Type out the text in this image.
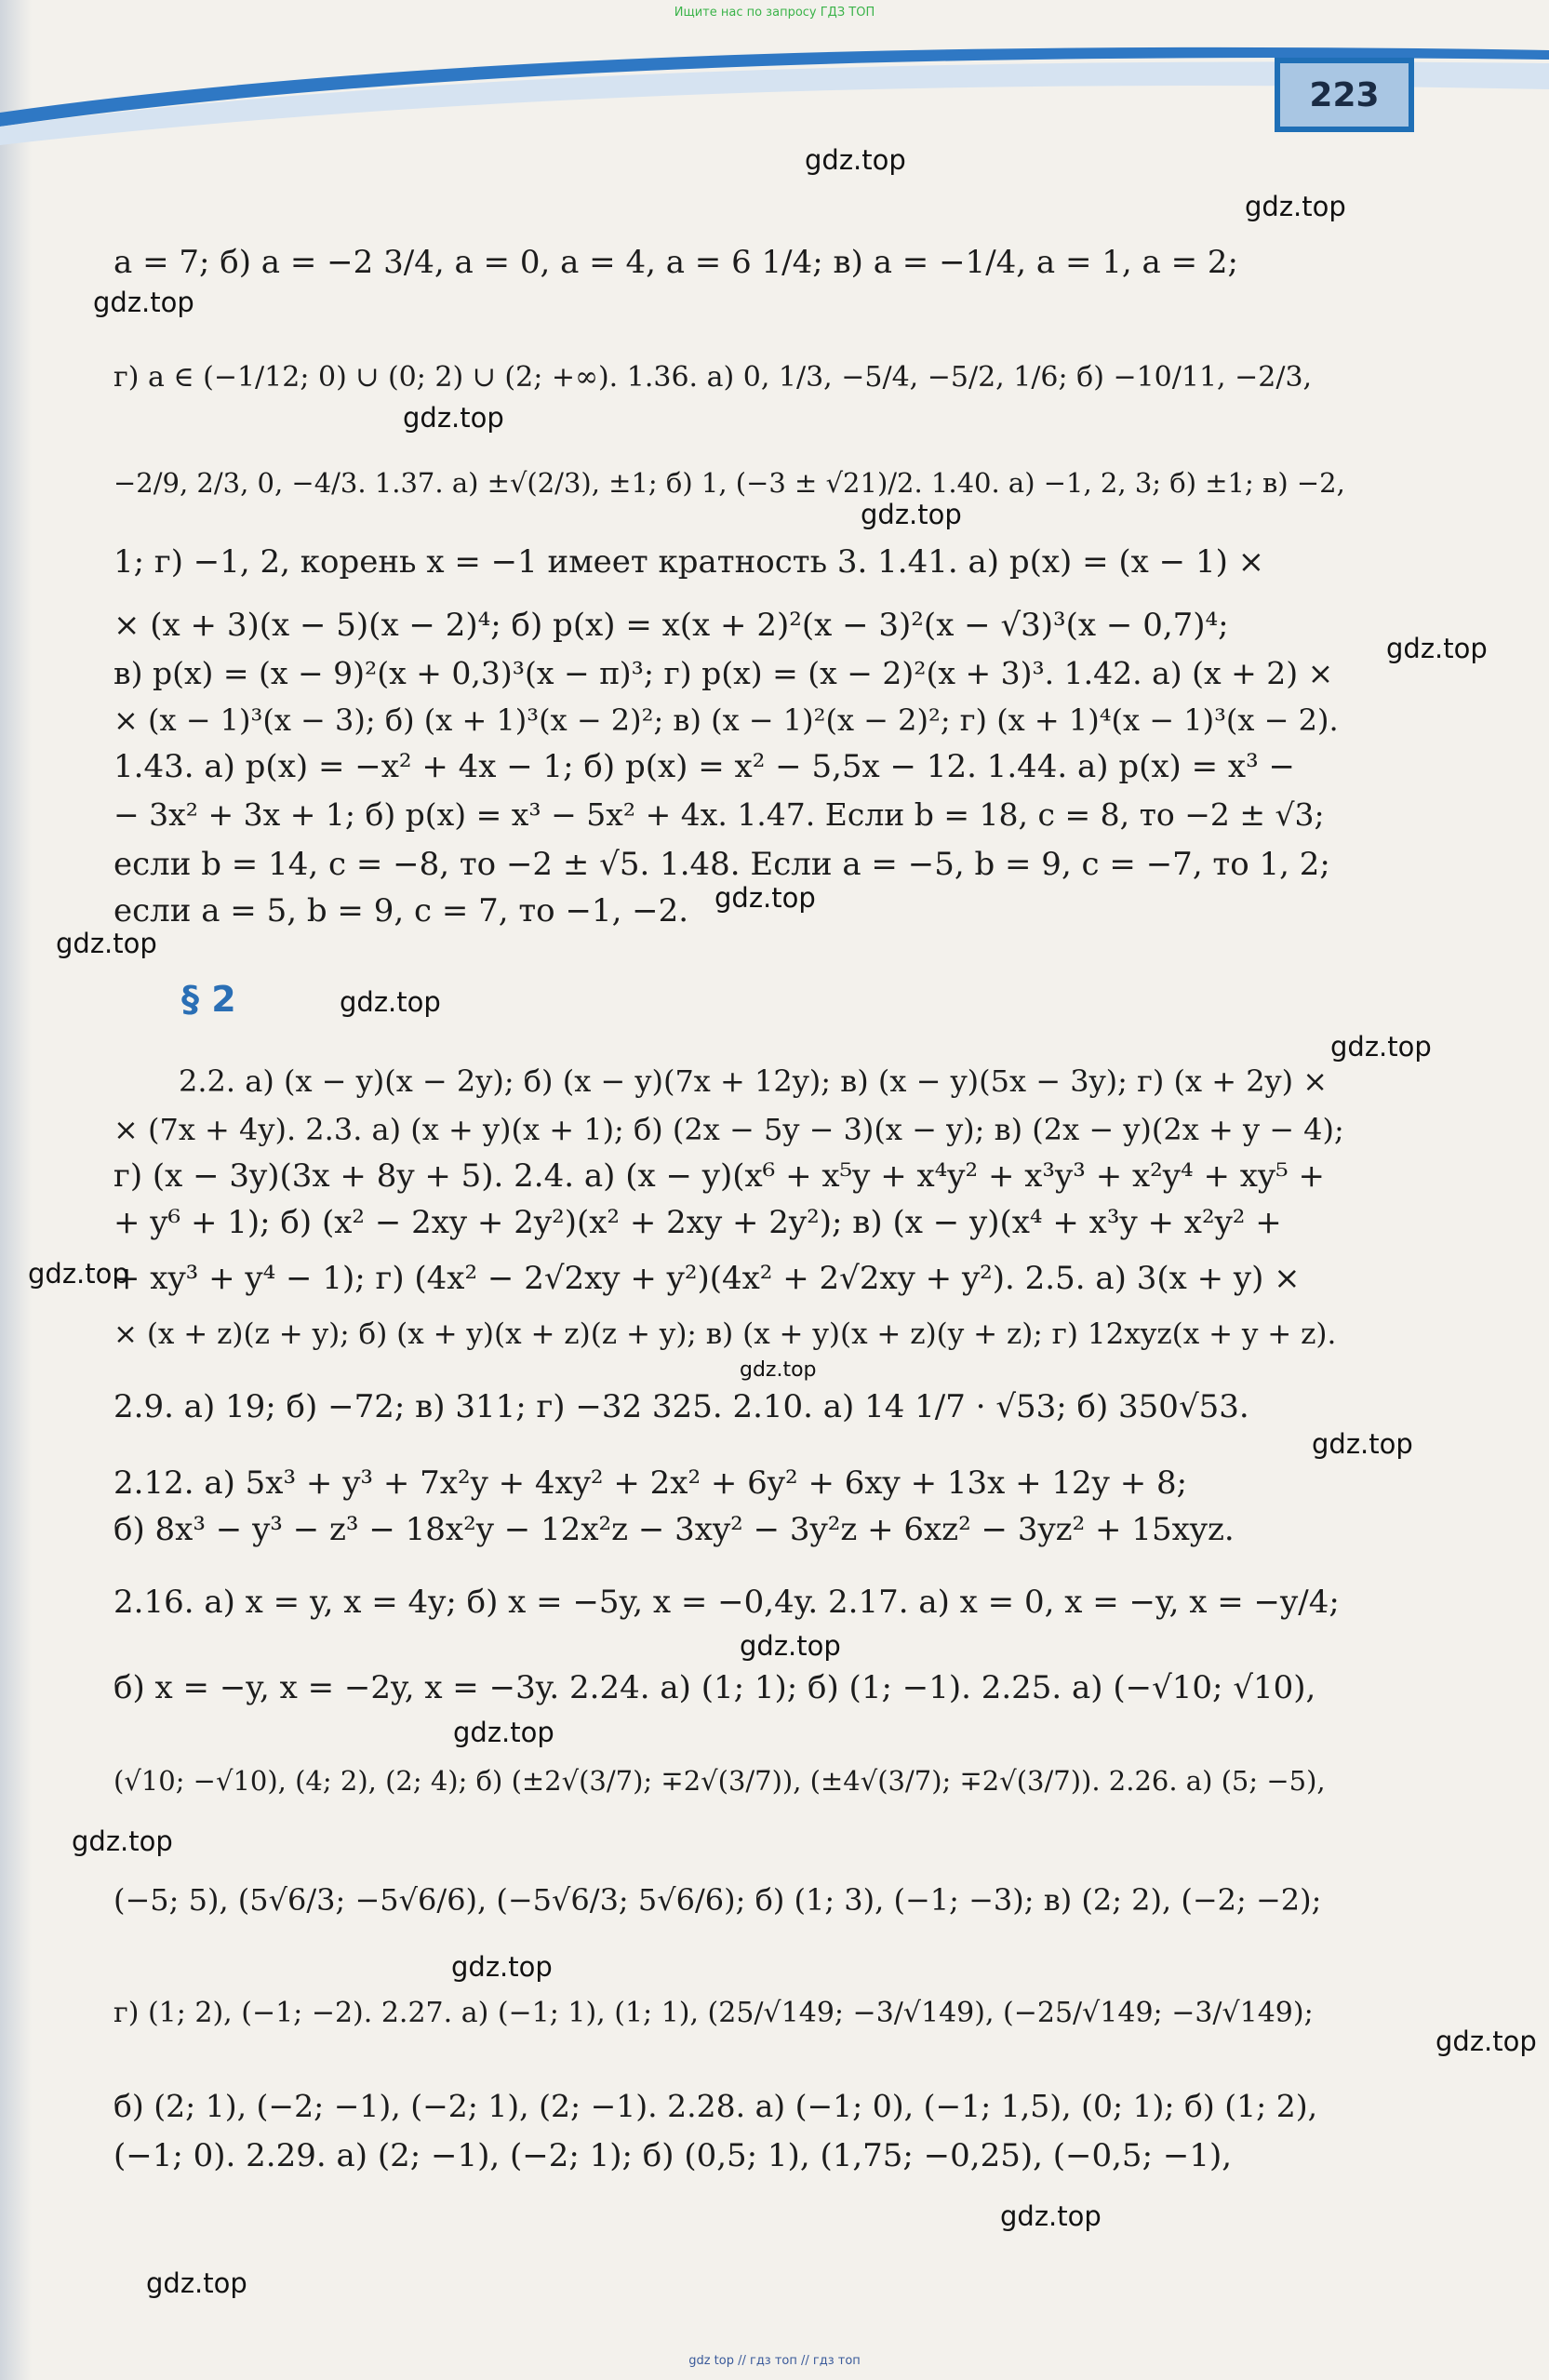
Ищите нас по запросу ГДЗ ТОП
223
a = 7; б) a = −2 3/4, a = 0, a = 4, a = 6 1/4; в) a = −1/4, a = 1, a = 2;
г) a ∈ (−1/12; 0) ∪ (0; 2) ∪ (2; +∞). 1.36. а) 0, 1/3, −5/4, −5/2, 1/6; б) −10/11, −2/3,
−2/9, 2/3, 0, −4/3. 1.37. а) ±√(2/3), ±1; б) 1, (−3 ± √21)/2. 1.40. а) −1, 2, 3; б) ±1; в) −2,
1; г) −1, 2, корень x = −1 имеет кратность 3. 1.41. а) p(x) = (x − 1) ×
× (x + 3)(x − 5)(x − 2)⁴; б) p(x) = x(x + 2)²(x − 3)²(x − √3)³(x − 0,7)⁴;
в) p(x) = (x − 9)²(x + 0,3)³(x − π)³; г) p(x) = (x − 2)²(x + 3)³. 1.42. а) (x + 2) ×
× (x − 1)³(x − 3); б) (x + 1)³(x − 2)²; в) (x − 1)²(x − 2)²; г) (x + 1)⁴(x − 1)³(x − 2).
1.43. а) p(x) = −x² + 4x − 1; б) p(x) = x² − 5,5x − 12. 1.44. а) p(x) = x³ −
− 3x² + 3x + 1; б) p(x) = x³ − 5x² + 4x. 1.47. Если b = 18, c = 8, то −2 ± √3;
если b = 14, c = −8, то −2 ± √5. 1.48. Если a = −5, b = 9, c = −7, то 1, 2;
если a = 5, b = 9, c = 7, то −1, −2.
§ 2
2.2. а) (x − y)(x − 2y); б) (x − y)(7x + 12y); в) (x − y)(5x − 3y); г) (x + 2y) ×
× (7x + 4y). 2.3. а) (x + y)(x + 1); б) (2x − 5y − 3)(x − y); в) (2x − y)(2x + y − 4);
г) (x − 3y)(3x + 8y + 5). 2.4. а) (x − y)(x⁶ + x⁵y + x⁴y² + x³y³ + x²y⁴ + xy⁵ +
+ y⁶ + 1); б) (x² − 2xy + 2y²)(x² + 2xy + 2y²); в) (x − y)(x⁴ + x³y + x²y² +
+ xy³ + y⁴ − 1); г) (4x² − 2√2xy + y²)(4x² + 2√2xy + y²). 2.5. а) 3(x + y) ×
× (x + z)(z + y); б) (x + y)(x + z)(z + y); в) (x + y)(x + z)(y + z); г) 12xyz(x + y + z).
2.9. а) 19; б) −72; в) 311; г) −32 325. 2.10. а) 14 1/7 · √53; б) 350√53.
2.12. а) 5x³ + y³ + 7x²y + 4xy² + 2x² + 6y² + 6xy + 13x + 12y + 8;
б) 8x³ − y³ − z³ − 18x²y − 12x²z − 3xy² − 3y²z + 6xz² − 3yz² + 15xyz.
2.16. а) x = y, x = 4y; б) x = −5y, x = −0,4y. 2.17. а) x = 0, x = −y, x = −y/4;
б) x = −y, x = −2y, x = −3y. 2.24. а) (1; 1); б) (1; −1). 2.25. а) (−√10; √10),
(√10; −√10), (4; 2), (2; 4); б) (±2√(3/7); ∓2√(3/7)), (±4√(3/7); ∓2√(3/7)). 2.26. а) (5; −5),
(−5; 5), (5√6/3; −5√6/6), (−5√6/3; 5√6/6); б) (1; 3), (−1; −3); в) (2; 2), (−2; −2);
г) (1; 2), (−1; −2). 2.27. а) (−1; 1), (1; 1), (25/√149; −3/√149), (−25/√149; −3/√149);
б) (2; 1), (−2; −1), (−2; 1), (2; −1). 2.28. а) (−1; 0), (−1; 1,5), (0; 1); б) (1; 2),
(−1; 0). 2.29. а) (2; −1), (−2; 1); б) (0,5; 1), (1,75; −0,25), (−0,5; −1),
gdz.top
gdz.top
gdz.top
gdz.top
gdz.top
gdz.top
gdz.top
gdz.top
gdz.top
gdz.top
gdz.top
gdz.top
gdz.top
gdz.top
gdz.top
gdz.top
gdz.top
gdz.top
gdz.top
gdz.top
gdz top // гдз топ // гдз топ
